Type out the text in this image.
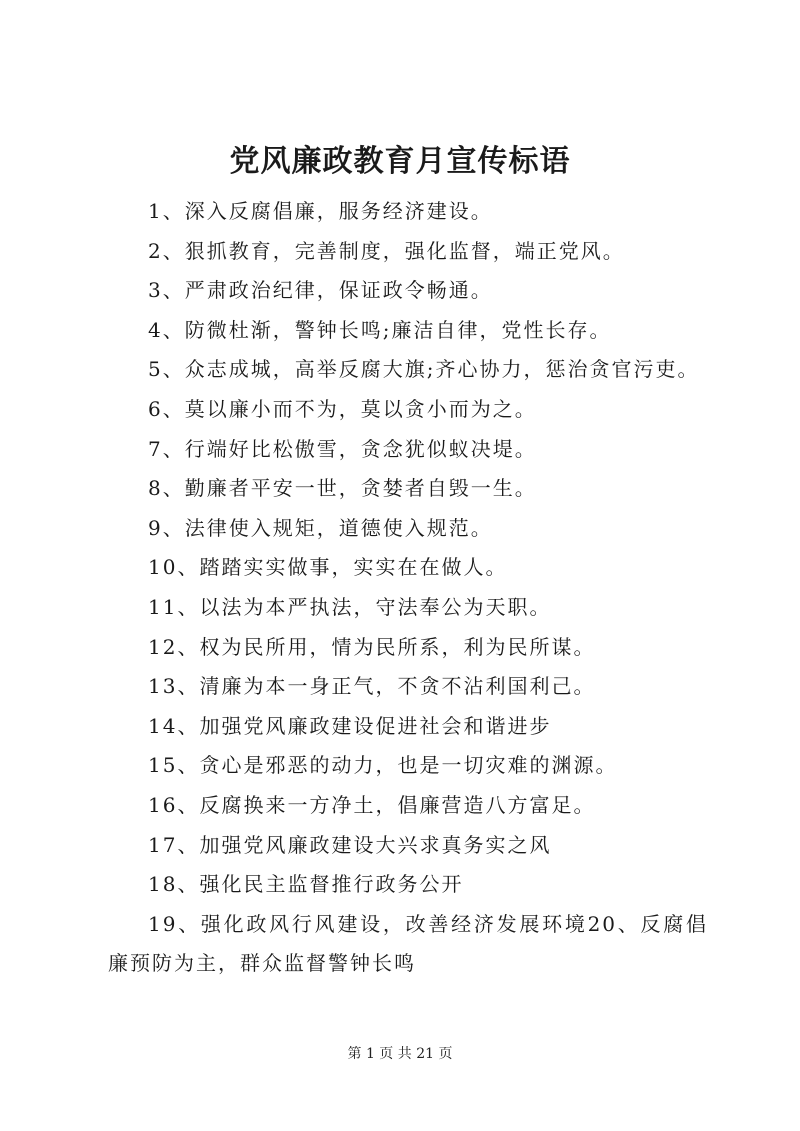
党风廉政教育月宣传标语
1、深入反腐倡廉，服务经济建设。
2、狠抓教育，完善制度，强化监督，端正党风。
3、严肃政治纪律，保证政令畅通。
4、防微杜渐，警钟长鸣;廉洁自律，党性长存。
5、众志成城，高举反腐大旗;齐心协力，惩治贪官污吏。
6、莫以廉小而不为，莫以贪小而为之。
7、行端好比松傲雪，贪念犹似蚁决堤。
8、勤廉者平安一世，贪婪者自毁一生。
9、法律使入规矩，道德使入规范。
10、踏踏实实做事，实实在在做人。
11、以法为本严执法，守法奉公为天职。
12、权为民所用，情为民所系，利为民所谋。
13、清廉为本一身正气，不贪不沾利国利己。
14、加强党风廉政建设促进社会和谐进步
15、贪心是邪恶的动力，也是一切灾难的渊源。
16、反腐换来一方净土，倡廉营造八方富足。
17、加强党风廉政建设大兴求真务实之风
18、强化民主监督推行政务公开
19、强化政风行风建设，改善经济发展环境20、反腐倡廉预防为主，群众监督警钟长鸣
第 1 页 共 21 页
